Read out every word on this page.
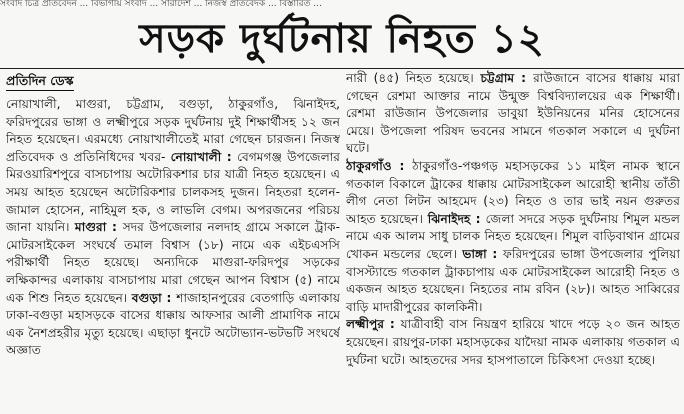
সংবাদ চিত্র প্রতিবেদন ... বিভাগীয় সংবাদ ... সারাদেশ ... নিজস্ব প্রতিবেদক ... বিস্তারিত ...
সড়ক দুর্ঘটনায় নিহত ১২
প্রতিদিন ডেস্ক

নোয়াখালী, মাগুরা, চট্টগ্রাম, বগুড়া, ঠাকুরগাঁও, ঝিনাইদহ, ফরিদপুরের ভাঙ্গা ও লক্ষ্মীপুরে সড়ক দুর্ঘটনায় দুই শিক্ষার্থীসহ ১২ জন নিহত হয়েছেন। এরমধ্যে নোয়াখালীতেই মারা গেছেন চারজন। নিজস্ব প্রতিবেদক ও প্রতিনিধিদের খবর- নোয়াখালী : বেগমগঞ্জ উপজেলার মিরওয়ারিশপুরে বাসচাপায় অটোরিকশার চার যাত্রী নিহত হয়েছেন। এ সময় আহত হয়েছেন অটোরিকশার চালকসহ দুজন। নিহতরা হলেন- জামাল হোসেন, নাহিমুল হক, ও লাভলি বেগম। অপরজনের পরিচয় জানা যায়নি। মাগুরা : সদর উপজেলার নলদাহ গ্রামে সকালে ট্রাক-মোটরসাইকেল সংঘর্ষে তমাল বিশ্বাস (১৮) নামে এক এইচএসসি পরীক্ষার্থী নিহত হয়েছে। অন্যদিকে মাগুরা-ফরিদপুর সড়কের লক্ষিকান্দর এলাকায় বাসচাপায় মারা গেছেন আপন বিশ্বাস (৫) নামে এক শিশু নিহত হয়েছেন। বগুড়া : শাজাহানপুরের বেতগাড়ি এলাকায় ঢাকা-বগুড়া মহাসড়কে বাসের ধাক্কায় আফসার আলী প্রামাণিক নামে এক নৈশপ্রহরীর মৃত্যু হয়েছে। এছাড়া ধুনটে অটোভ্যান-ভটভটি সংঘর্ষে অজ্ঞাত

নারী (৪৫) নিহত হয়েছে। চট্টগ্রাম : রাউজানে বাসের ধাক্কায় মারা গেছেন রেশমা আক্তার নামে উন্মুক্ত বিশ্ববিদ্যালয়ের এক শিক্ষার্থী। রেশমা রাউজান উপজেলার ডাবুয়া ইউনিয়নের মনির হোসেনের মেয়ে। উপজেলা পরিষদ ভবনের সামনে গতকাল সকালে এ দুর্ঘটনা ঘটে।

ঠাকুরগাঁও : ঠাকুরগাঁও-পঞ্চগড় মহাসড়কের ১১ মাইল নামক স্থানে গতকাল বিকালে ট্রাকের ধাক্কায় মোটরসাইকেল আরোহী স্থানীয় তাঁতী লীগ নেতা লিটন আহমেদ (২৩) নিহত ও তার ভাই নয়ন গুরুতর আহত হয়েছেন। ঝিনাইদহ : জেলা সদরে সড়ক দুর্ঘটনায় শিমুল মন্ডল নামে এক আলম সাধু চালক নিহত হয়েছেন। শিমুল বাড়িবাথান গ্রামের খোকন মন্ডলের ছেলে। ভাঙ্গা : ফরিদপুরের ভাঙ্গা উপজেলার পুলিয়া বাসস্ট্যান্ডে গতকাল ট্রাকচাপায় এক মোটরসাইকেল আরোহী নিহত ও একজন আহত হয়েছেন। নিহতের নাম রবিন (২৮)। আহত সাব্বিরের বাড়ি মাদারীপুরের কালকিনী।

লক্ষ্মীপুর : যাত্রীবাহী বাস নিয়ন্ত্রণ হারিয়ে খাদে পড়ে ২০ জন আহত হয়েছেন। রায়পুর-ঢাকা মহাসড়কের যাদৈয়া নামক এলাকায় গতকাল এ দুর্ঘটনা ঘটে। আহতদের সদর হাসপাতালে চিকিৎসা দেওয়া হচ্ছে।
